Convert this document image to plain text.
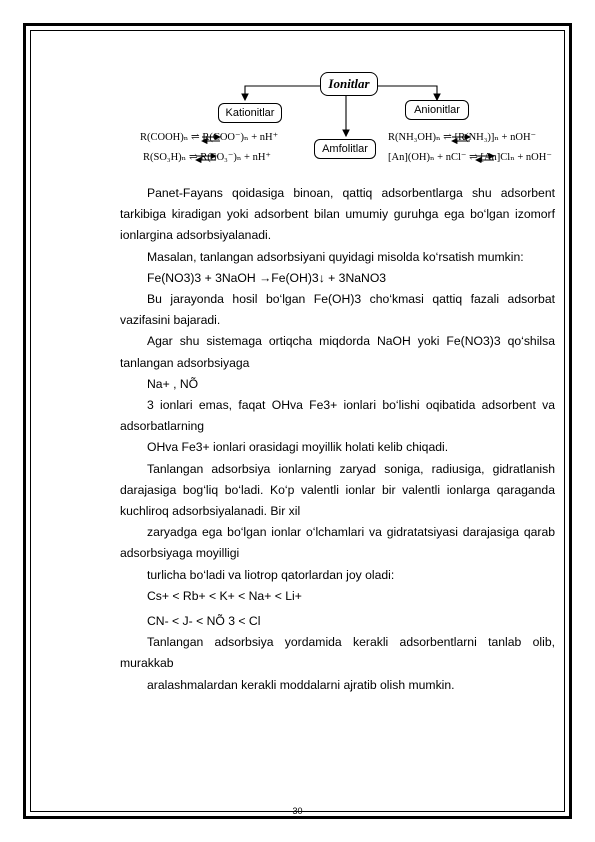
Ionitlar
Kationitlar	Anionitlar
Amfolitlar
R(COOH)ₙ ⇌ R(COO⁻)ₙ + nH⁺
R(SO₃H)ₙ ⇌ R(SO₃⁻)ₙ + nH⁺
R(NH₃OH)ₙ ⇌ [R(NH₃)]ₙ + nOH⁻
[An](OH)ₙ + nCl⁻ ⇌ [An]Clₙ + nOH⁻

Panet-Fayans qoidasiga binoan, qattiq adsorbentlarga shu adsorbent tarkibiga kiradigan yoki adsorbent bilan umumiy guruhga ega bo‘lgan izomorf ionlargina adsorbsiyalanadi.

Masalan, tanlangan adsorbsiyani quyidagi misolda ko‘rsatish mumkin:

Fe(NO3)3 + 3NaOH →Fe(OH)3↓ + 3NaNO3

Bu jarayonda hosil bo‘lgan Fe(OH)3 cho‘kmasi qattiq fazali adsorbat vazifasini bajaradi.

Agar shu sistemaga ortiqcha miqdorda NaOH yoki Fe(NO3)3 qo‘shilsa tanlangan adsorbsiyaga

Na+ , NÕ

3 ionlari emas, faqat OHva Fe3+ ionlari bo‘lishi oqibatida adsorbent va adsorbatlarning

OHva Fe3+ ionlari orasidagi moyillik holati kelib chiqadi.

Tanlangan adsorbsiya ionlarning zaryad soniga, radiusiga, gidratlanish darajasiga bog‘liq bo‘ladi. Ko‘p valentli ionlar bir valentli ionlarga qaraganda kuchliroq adsorbsiyalanadi. Bir xil

zaryadga ega bo‘lgan ionlar o‘lchamlari va gidratatsiyasi darajasiga qarab adsorbsiyaga moyilligi

turlicha bo‘ladi va liotrop qatorlardan joy oladi:

Cs+ < Rb+ < K+ < Na+ < Li+

CN- < J- < NÕ 3 < Cl

Tanlangan adsorbsiya yordamida kerakli adsorbentlarni tanlab olib, murakkab

aralashmalardan kerakli moddalarni ajratib olish mumkin.

30
